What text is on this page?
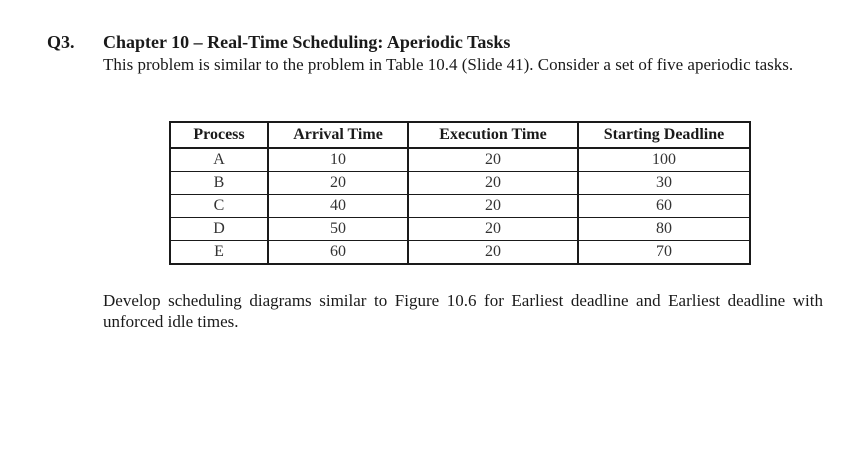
Q3. Chapter 10 – Real-Time Scheduling: Aperiodic Tasks
This problem is similar to the problem in Table 10.4 (Slide 41). Consider a set of five aperiodic tasks.
Process	Arrival Time	Execution Time	Starting Deadline
A	10	20	100
B	20	20	30
C	40	20	60
D	50	20	80
E	60	20	70
Develop scheduling diagrams similar to Figure 10.6 for Earliest deadline and Earliest deadline with unforced idle times.
